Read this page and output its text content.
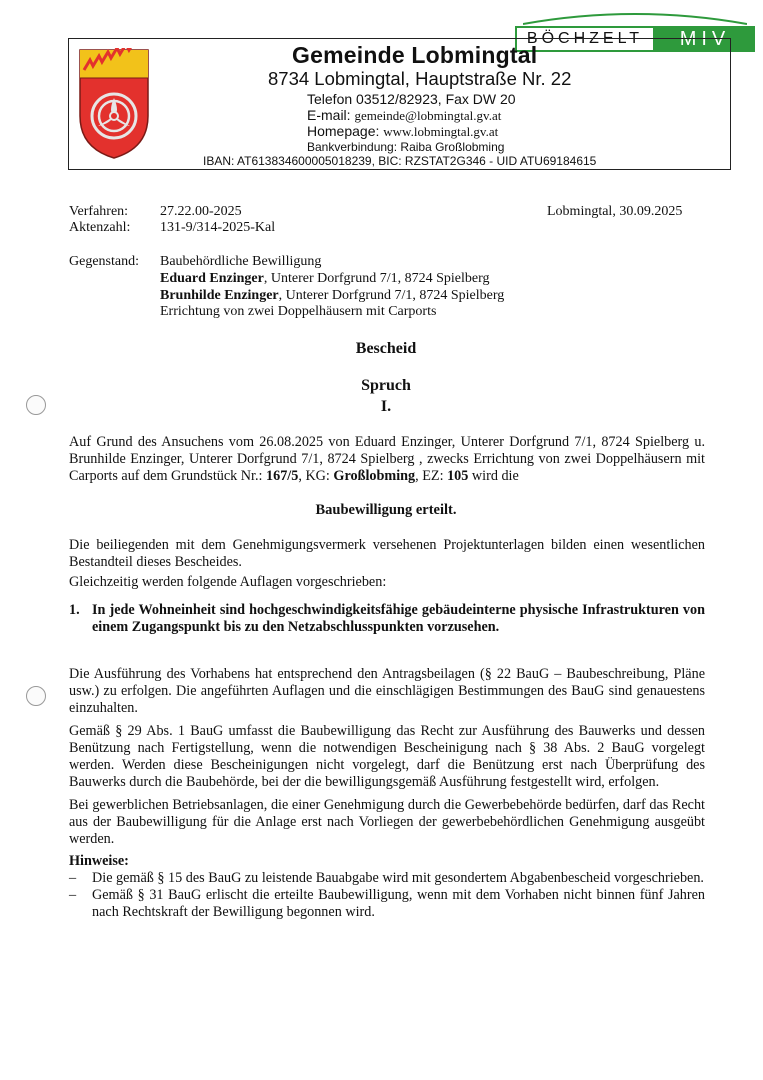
BÖCHZELT	MIV
Gemeinde Lobmingtal
8734 Lobmingtal, Hauptstraße Nr. 22
Telefon 03512/82923, Fax DW 20
E-mail: gemeinde@lobmingtal.gv.at
Homepage: www.lobmingtal.gv.at
Bankverbindung: Raiba Großlobming
IBAN: AT613834600005018239, BIC: RZSTAT2G346 - UID ATU69184615
Verfahren: 27.22.00-2025
Aktenzahl: 131-9/314-2025-Kal
Lobmingtal, 30.09.2025
Gegenstand: Baubehördliche Bewilligung
Eduard Enzinger, Unterer Dorfgrund 7/1, 8724 Spielberg
Brunhilde Enzinger, Unterer Dorfgrund 7/1, 8724 Spielberg
Errichtung von zwei Doppelhäusern mit Carports
Bescheid
Spruch
I.
Auf Grund des Ansuchens vom 26.08.2025 von Eduard Enzinger, Unterer Dorfgrund 7/1, 8724 Spielberg u. Brunhilde Enzinger, Unterer Dorfgrund 7/1, 8724 Spielberg , zwecks Errichtung von zwei Doppelhäusern mit Carports auf dem Grundstück Nr.: 167/5, KG: Großlobming, EZ: 105 wird die
Baubewilligung erteilt.
Die beiliegenden mit dem Genehmigungsvermerk versehenen Projektunterlagen bilden einen wesentlichen Bestandteil dieses Bescheides.
Gleichzeitig werden folgende Auflagen vorgeschrieben:
1. In jede Wohneinheit sind hochgeschwindigkeitsfähige gebäudeinterne physische Infrastrukturen von einem Zugangspunkt bis zu den Netzabschlusspunkten vorzusehen.
Die Ausführung des Vorhabens hat entsprechend den Antragsbeilagen (§ 22 BauG – Baubeschreibung, Pläne usw.) zu erfolgen. Die angeführten Auflagen und die einschlägigen Bestimmungen des BauG sind genauestens einzuhalten.
Gemäß § 29 Abs. 1 BauG umfasst die Baubewilligung das Recht zur Ausführung des Bauwerks und dessen Benützung nach Fertigstellung, wenn die notwendigen Bescheinigung nach § 38 Abs. 2 BauG vorgelegt werden. Werden diese Bescheinigungen nicht vorgelegt, darf die Benützung erst nach Überprüfung des Bauwerks durch die Baubehörde, bei der die bewilligungsgemäß Ausführung festgestellt wird, erfolgen.
Bei gewerblichen Betriebsanlagen, die einer Genehmigung durch die Gewerbebehörde bedürfen, darf das Recht aus der Baubewilligung für die Anlage erst nach Vorliegen der gewerbebehördlichen Genehmigung ausgeübt werden.
Hinweise:
– Die gemäß § 15 des BauG zu leistende Bauabgabe wird mit gesondertem Abgabenbescheid vorgeschrieben.
– Gemäß § 31 BauG erlischt die erteilte Baubewilligung, wenn mit dem Vorhaben nicht binnen fünf Jahren nach Rechtskraft der Bewilligung begonnen wird.
